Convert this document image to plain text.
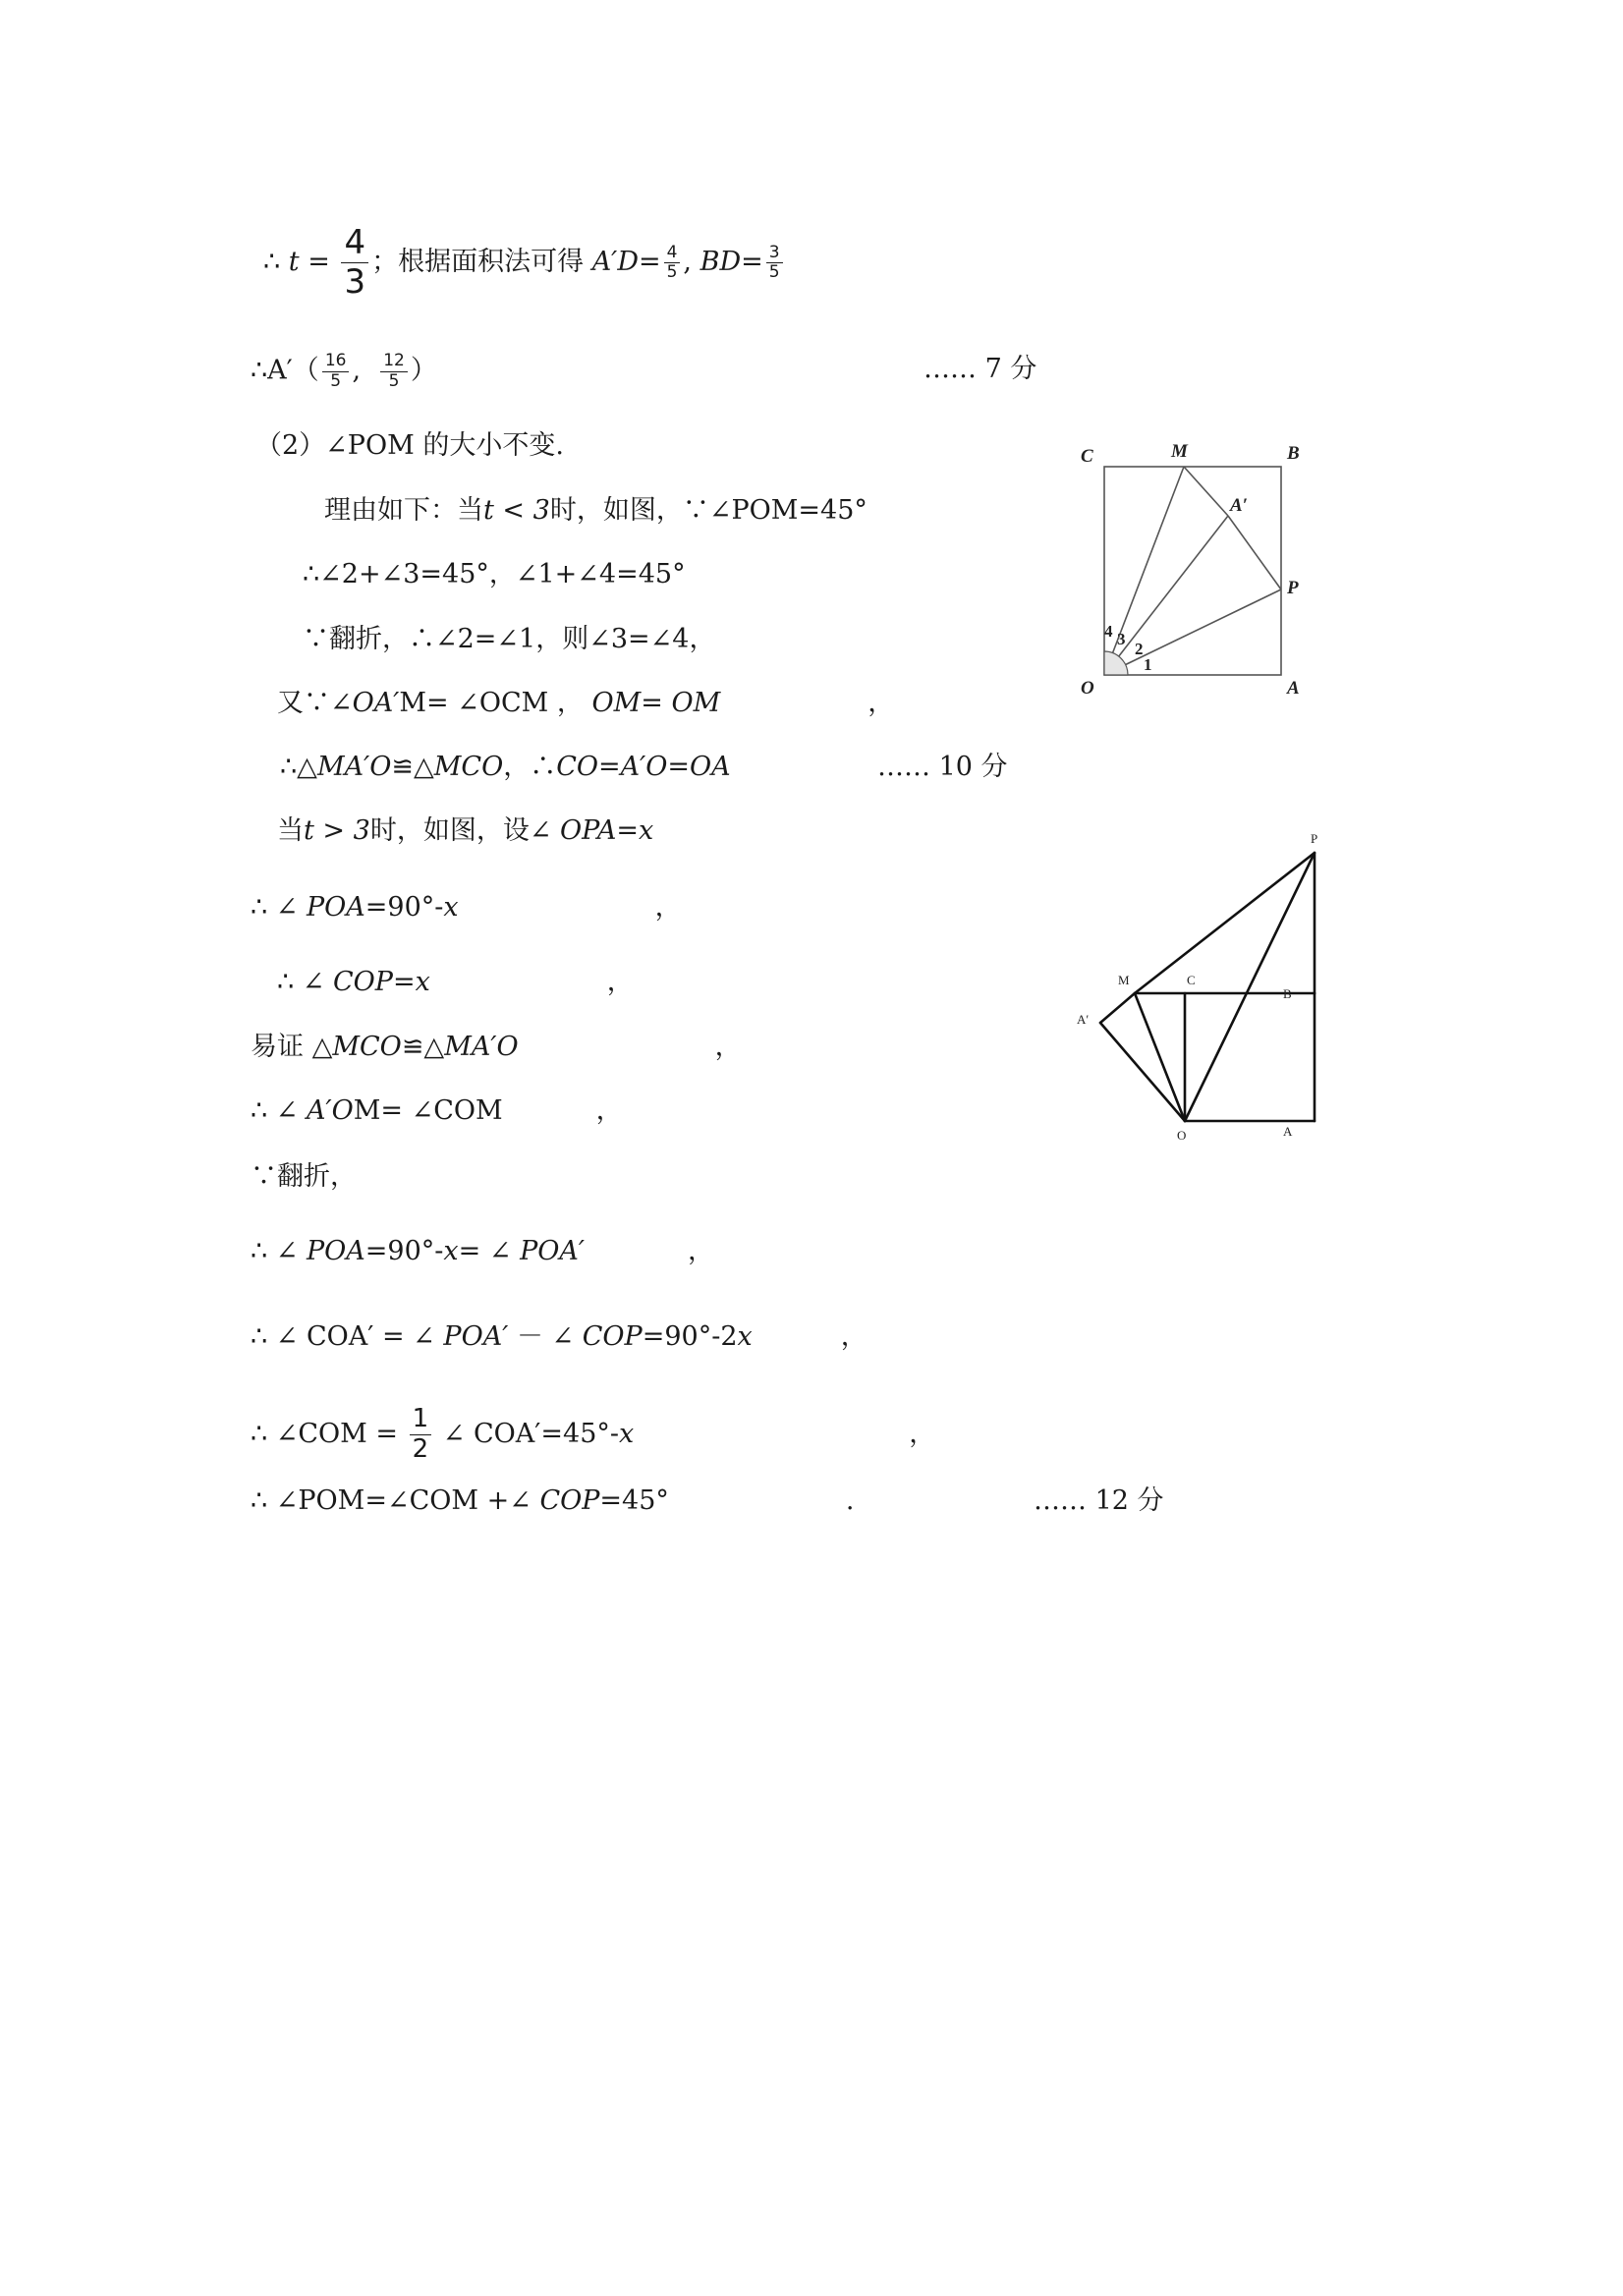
∴ $t = \frac{4}{3}$ ；根据面积法可得 $A'D= \frac{4}{5}$ , $BD= \frac{3}{5}$
∴A′（ $\frac{16}{5}$ , $\frac{12}{5}$ ）	…… 7 分
（2）∠POM 的大小不变.
理由如下：当t < 3时，如图，∵∠POM=45°
∴∠2+∠3=45°，∠1+∠4=45°
∵翻折，∴∠2=∠1，则∠3=∠4，
又∵∠OA′M= ∠OCM ， OM= OM	，
∴△MA′O≌△MCO，∴CO=A′O=OA	…… 10 分
当t > 3时，如图，设∠ OPA=x
∴ ∠ POA=90°-x	，
∴ ∠ COP=x	，
易证 △MCO≌△MA′O	，
∴ ∠ A′OM= ∠COM	，
∵翻折，
∴ ∠ POA=90°-x= ∠ POA′	，
∴ ∠ COA′ = ∠ POA′ － ∠ COP=90°-2x	，
∴ ∠COM = $\frac{1}{2}$ ∠ COA′=45°-x	，
∴ ∠POM=∠COM +∠ COP=45°	.	…… 12 分
C	M	B
A′
P
O	A
1
2
3
4
P
M	C
B
A′
O	A
